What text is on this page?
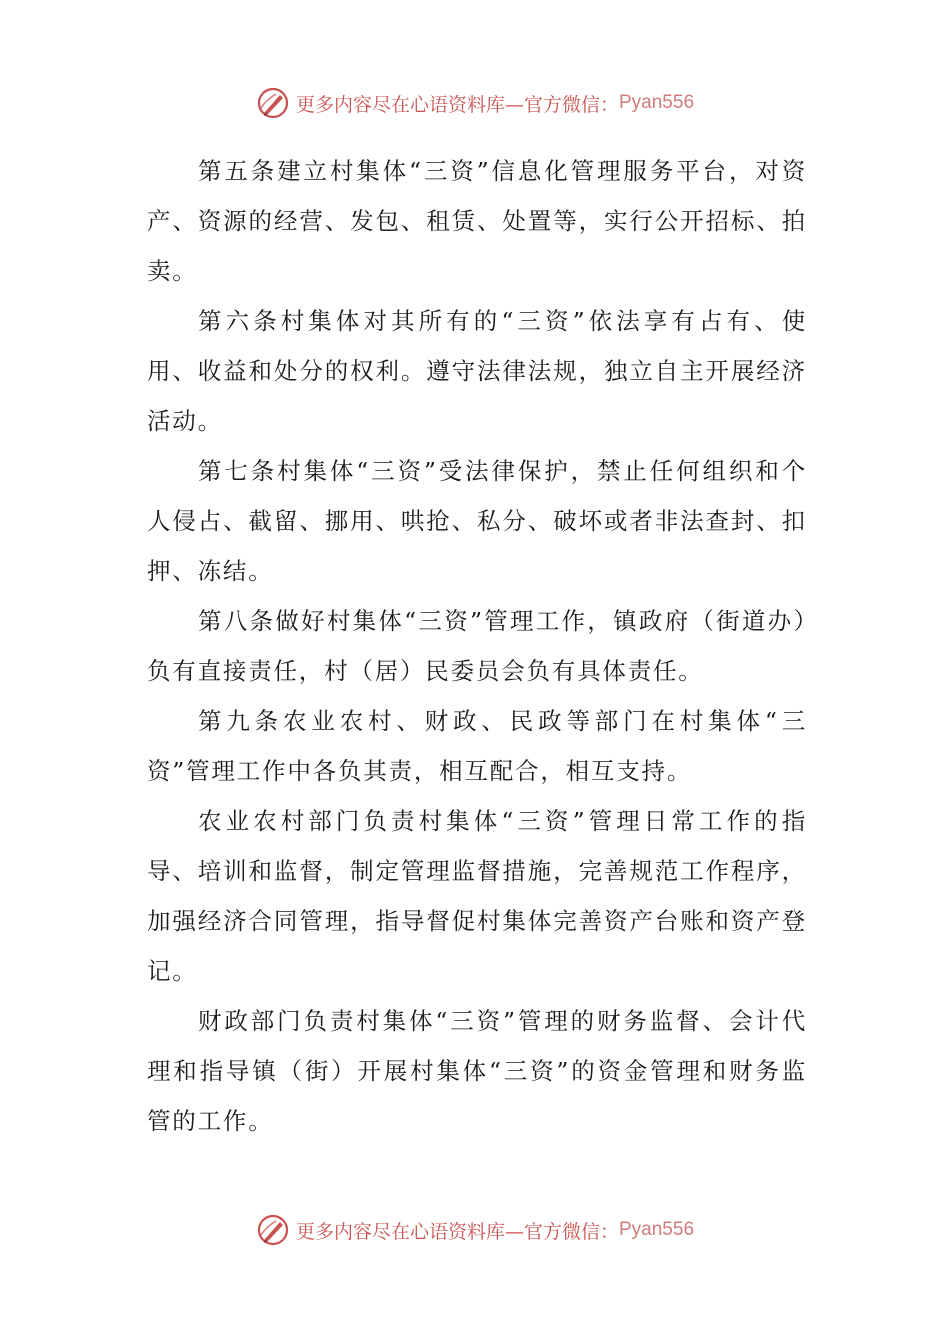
更多内容尽在心语资料库—官方微信： Pyan556

第五条建立村集体“三资”信息化管理服务平台，对资产、资源的经营、发包、租赁、处置等，实行公开招标、拍卖。

第六条村集体对其所有的“三资”依法享有占有、使用、收益和处分的权利。遵守法律法规，独立自主开展经济活动。

第七条村集体“三资”受法律保护，禁止任何组织和个人侵占、截留、挪用、哄抢、私分、破坏或者非法查封、扣押、冻结。

第八条做好村集体“三资”管理工作，镇政府（街道办）负有直接责任，村（居）民委员会负有具体责任。

第九条农业农村、财政、民政等部门在村集体“三资”管理工作中各负其责，相互配合，相互支持。

农业农村部门负责村集体“三资”管理日常工作的指导、培训和监督，制定管理监督措施，完善规范工作程序，加强经济合同管理，指导督促村集体完善资产台账和资产登记。

财政部门负责村集体“三资”管理的财务监督、会计代理和指导镇（街）开展村集体“三资”的资金管理和财务监管的工作。

更多内容尽在心语资料库—官方微信： Pyan556
